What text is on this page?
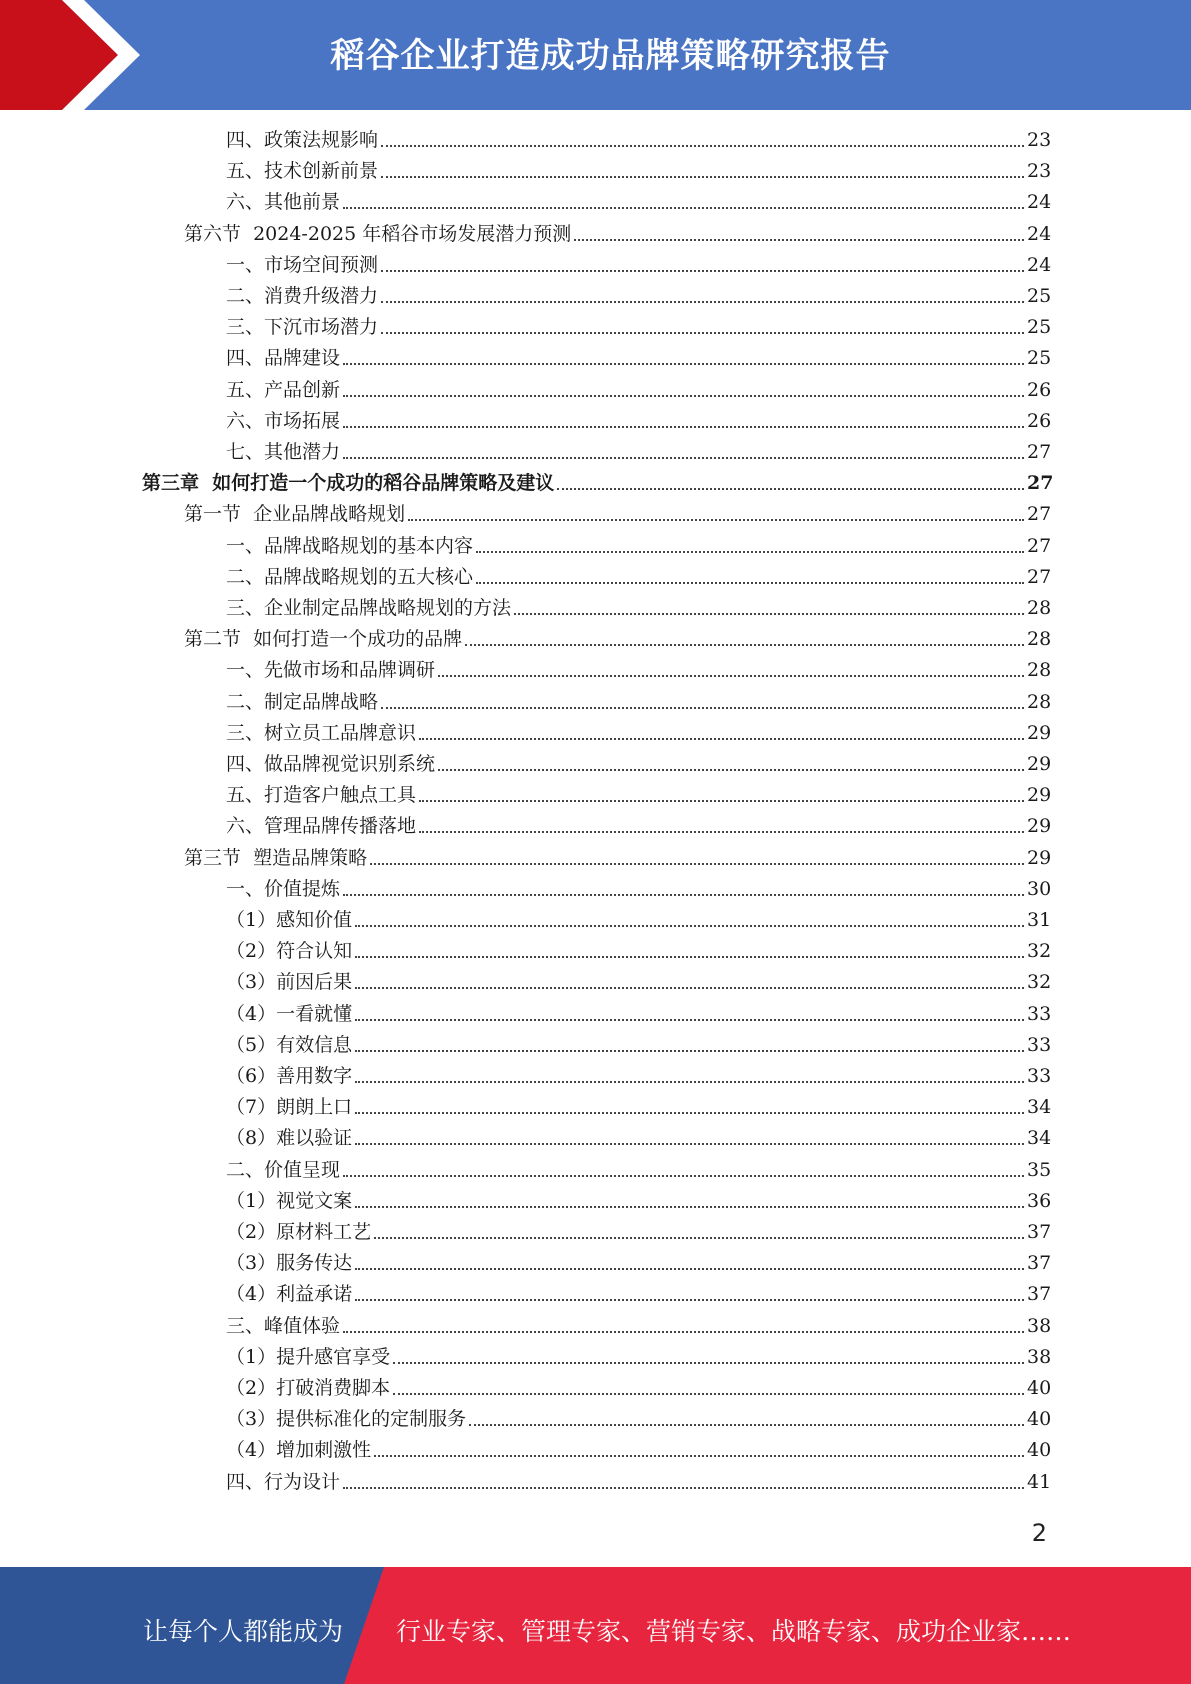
稻谷企业打造成功品牌策略研究报告
四、政策法规影响	23
五、技术创新前景	23
六、其他前景	24
第六节  2024-2025 年稻谷市场发展潜力预测	24
一、市场空间预测	24
二、消费升级潜力	25
三、下沉市场潜力	25
四、品牌建设	25
五、产品创新	26
六、市场拓展	26
七、其他潜力	27
第三章  如何打造一个成功的稻谷品牌策略及建议	27
第一节  企业品牌战略规划	27
一、品牌战略规划的基本内容	27
二、品牌战略规划的五大核心	27
三、企业制定品牌战略规划的方法	28
第二节  如何打造一个成功的品牌	28
一、先做市场和品牌调研	28
二、制定品牌战略	28
三、树立员工品牌意识	29
四、做品牌视觉识别系统	29
五、打造客户触点工具	29
六、管理品牌传播落地	29
第三节  塑造品牌策略	29
一、价值提炼	30
（1）感知价值	31
（2）符合认知	32
（3）前因后果	32
（4）一看就懂	33
（5）有效信息	33
（6）善用数字	33
（7）朗朗上口	34
（8）难以验证	34
二、价值呈现	35
（1）视觉文案	36
（2）原材料工艺	37
（3）服务传达	37
（4）利益承诺	37
三、峰值体验	38
（1）提升感官享受	38
（2）打破消费脚本	40
（3）提供标准化的定制服务	40
（4）增加刺激性	40
四、行为设计	41
2
让每个人都能成为 行业专家、管理专家、营销专家、战略专家、成功企业家……
